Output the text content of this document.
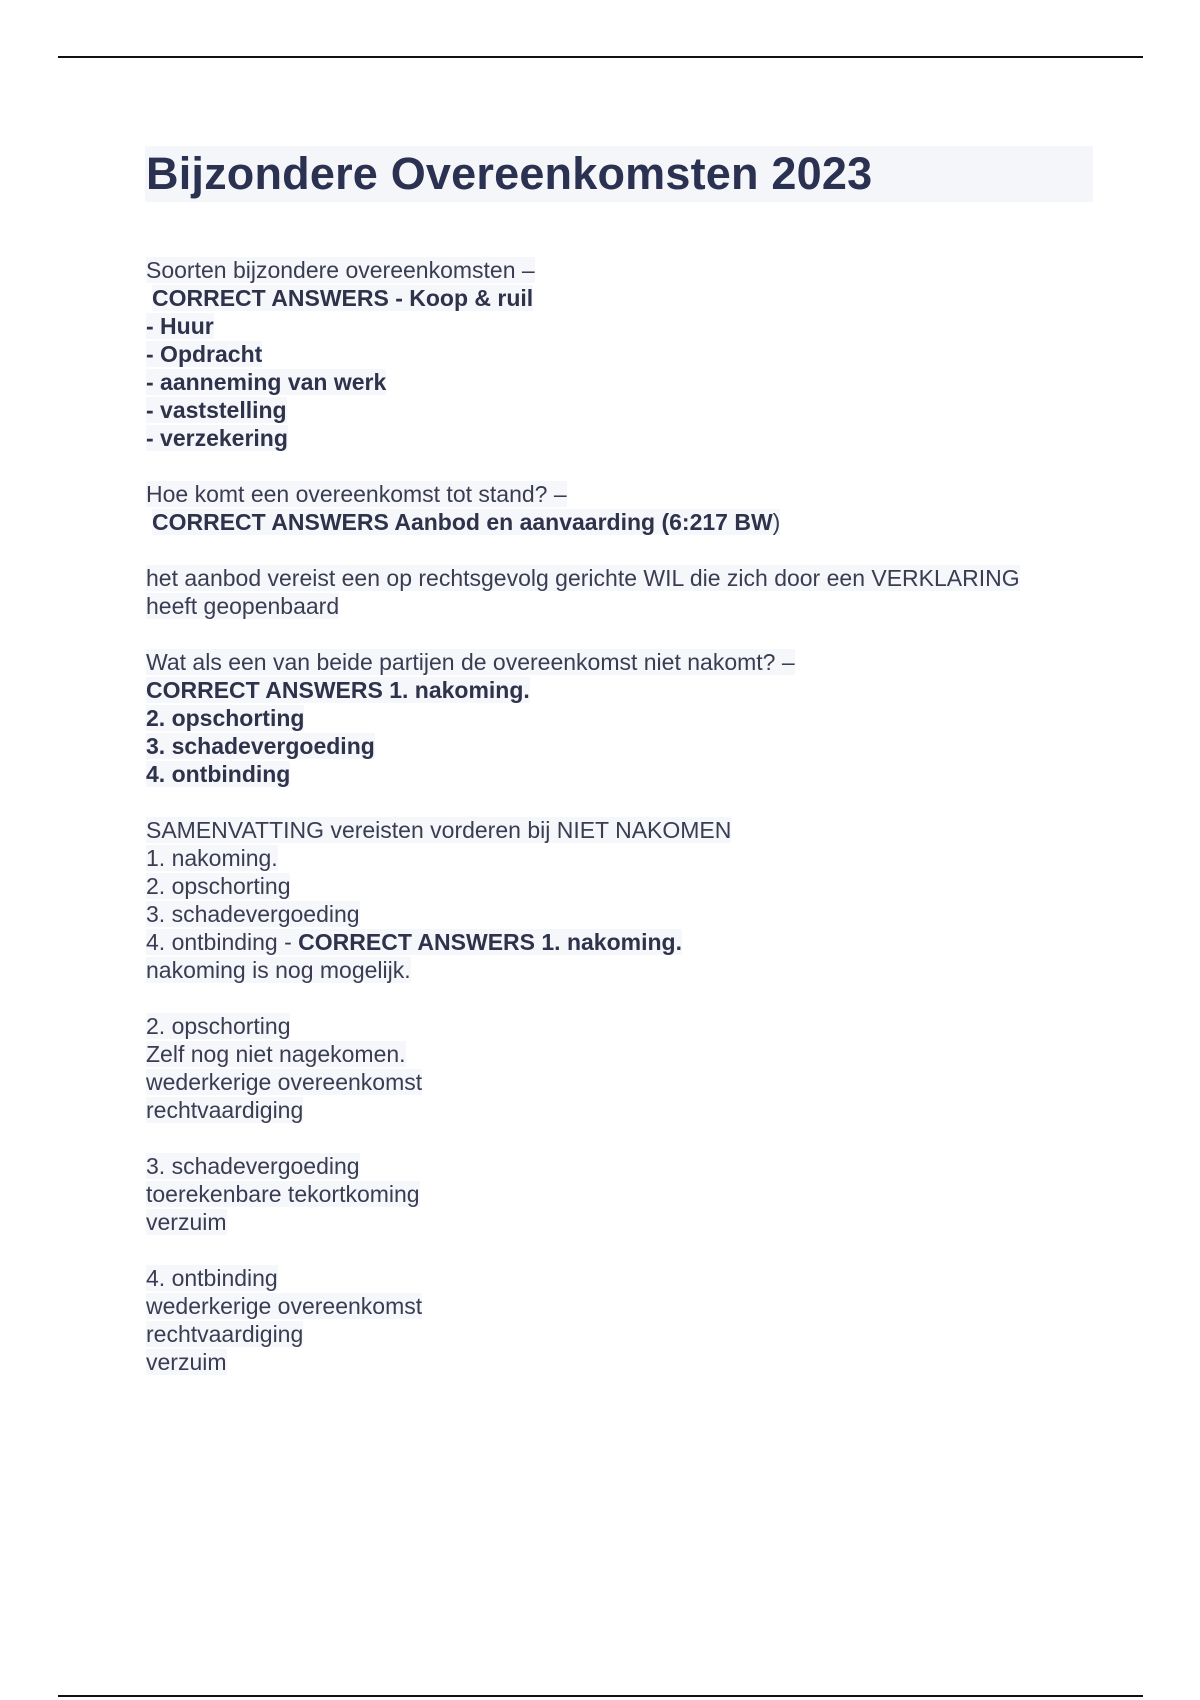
Bijzondere Overeenkomsten 2023
Soorten bijzondere overeenkomsten –
CORRECT ANSWERS - Koop & ruil
- Huur
- Opdracht
- aanneming van werk
- vaststelling
- verzekering
Hoe komt een overeenkomst tot stand? –
CORRECT ANSWERS Aanbod en aanvaarding (6:217 BW)
het aanbod vereist een op rechtsgevolg gerichte WIL die zich door een VERKLARING
heeft geopenbaard
Wat als een van beide partijen de overeenkomst niet nakomt? –
CORRECT ANSWERS 1. nakoming.
2. opschorting
3. schadevergoeding
4. ontbinding
SAMENVATTING vereisten vorderen bij NIET NAKOMEN
1. nakoming.
2. opschorting
3. schadevergoeding
4. ontbinding - CORRECT ANSWERS 1. nakoming.
nakoming is nog mogelijk.
2. opschorting
Zelf nog niet nagekomen.
wederkerige overeenkomst
rechtvaardiging
3. schadevergoeding
toerekenbare tekortkoming
verzuim
4. ontbinding
wederkerige overeenkomst
rechtvaardiging
verzuim
